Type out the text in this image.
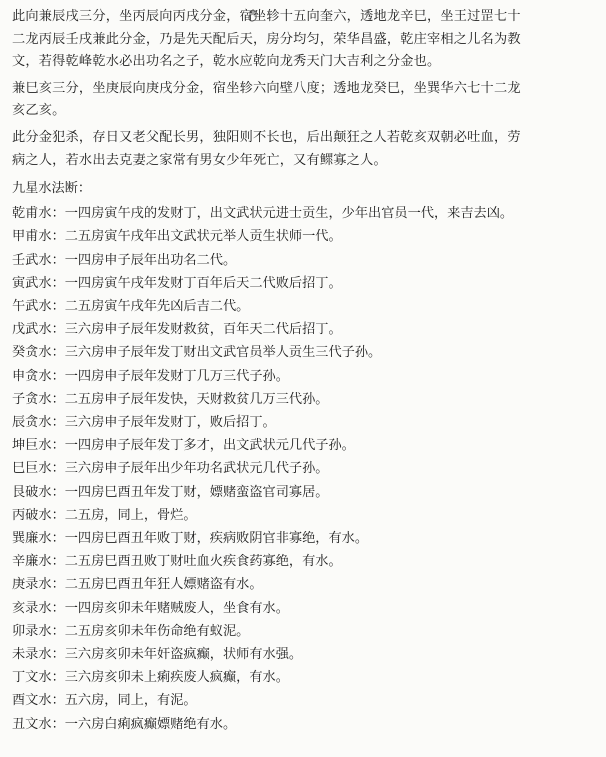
此向兼辰戌三分，坐丙辰向丙戌分金，宿坐轸十五向奎六，透地龙辛巳，坐王过罡七十
二龙丙辰壬戌兼此分金，乃是先天配后天，房分均匀，荣华昌盛，乾庄宰相之儿名为教
文，若得乾峰乾水必出功名之子，乾水应乾向龙秀天门大吉利之分金也。
兼巳亥三分，坐庚辰向庚戌分金，宿坐轸六向壁八度；透地龙癸巳，坐巽华六七十二龙
亥乙亥。
此分金犯杀，存日又老父配长男，独阳则不长也，后出颠狂之人若乾亥双朝必吐血，劳
病之人，若水出去克妻之家常有男女少年死亡，又有鳏寡之人。
九星水法断：
乾甫水：一四房寅午戌的发财丁，出文武状元进士贡生，少年出官员一代，来吉去凶。
甲甫水：二五房寅午戌年出文武状元举人贡生状师一代。
壬武水：一四房申子辰年出功名二代。
寅武水：一四房寅午戌年发财丁百年后天二代败后招丁。
午武水：二五房寅午戌年先凶后吉二代。
戊武水：三六房申子辰年发财救贫，百年天二代后招丁。
癸贪水：三六房申子辰年发丁财出文武官员举人贡生三代子孙。
申贪水：一四房申子辰年发财丁几万三代子孙。
子贪水：二五房申子辰年发快，天财救贫几万三代孙。
辰贪水：三六房申子辰年发财丁，败后招丁。
坤巨水：一四房申子辰年发丁多才，出文武状元几代子孙。
巳巨水：三六房申子辰年出少年功名武状元几代子孙。
艮破水：一四房巳酉丑年发丁财，嫖赌蛮盗官司寡居。
丙破水：二五房，同上，骨烂。
巽廉水：一四房巳酉丑年败丁财，疾病败阴官非寡绝，有水。
辛廉水：二五房巳酉丑败丁财吐血火疾食药寡绝，有水。
庚录水：二五房巳酉丑年狂人嫖赌盗有水。
亥录水：一四房亥卯未年赌贼废人，坐食有水。
卯录水：二五房亥卯未年伤命绝有蚁泥。
未录水：三六房亥卯未年奸盗疯癫，状师有水强。
丁文水：三六房亥卯未上痢疾废人疯癫，有水。
酉文水：五六房，同上，有泥。
丑文水：一六房白痢疯癫嫖赌绝有水。
